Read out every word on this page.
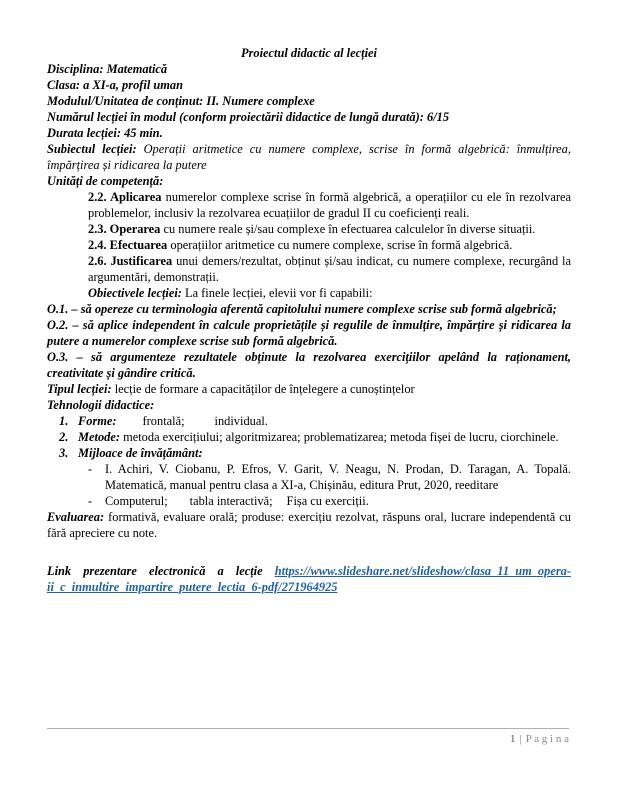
Proiectul didactic al lecției

Disciplina: Matematică

Clasa: a XI-a, profil uman

Modulul/Unitatea de conținut: II. Numere complexe

Numărul lecției în modul (conform proiectării didactice de lungă durată): 6/15

Durata lecției: 45 min.

Subiectul lecției: Operații aritmetice cu numere complexe, scrise în formă algebrică: înmulțirea, împărțirea și ridicarea la putere

Unități de competență:

2.2. Aplicarea numerelor complexe scrise în formă algebrică, a operațiilor cu ele în rezolvarea problemelor, inclusiv la rezolvarea ecuațiilor de gradul II cu coeficienți reali.

2.3. Operarea cu numere reale și/sau complexe în efectuarea calculelor în diverse situații.

2.4. Efectuarea operațiilor aritmetice cu numere complexe, scrise în formă algebrică.

2.6. Justificarea unui demers/rezultat, obținut și/sau indicat, cu numere complexe, recurgând la argumentări, demonstrații.

Obiectivele lecției: La finele lecției, elevii vor fi capabili:

O.1. – să opereze cu terminologia aferentă capitolului numere complexe scrise sub formă algebrică;

O.2. – să aplice independent în calcule proprietățile și regulile de înmulțire, împărțire și ridicarea la putere a numerelor complexe scrise sub formă algebrică.

O.3. – să argumenteze rezultatele obținute la rezolvarea exercițiilor apelând la raționament, creativitate și gândire critică.

Tipul lecției: lecție de formare a capacităților de înțelegere a cunoștințelor

Tehnologii didactice:

1. Forme: frontală; individual.

2. Metode: metoda exercițiului; algoritmizarea; problematizarea; metoda fișei de lucru, ciorchinele.

3. Mijloace de învățământ:

-	I. Achiri, V. Ciobanu, P. Efros, V. Garit, V. Neagu, N. Prodan, D. Taragan, A. Topală. Matematică, manual pentru clasa a XI-a, Chișinău, editura Prut, 2020, reeditare
-	Computerul; tabla interactivă; Fișa cu exerciții.

Evaluarea: formativă, evaluare orală; produse: exercițiu rezolvat, răspuns oral, lucrare independentă cu fără apreciere cu note.

Link prezentare electronică a lecție https://www.slideshare.net/slideshow/clasa_11_um_opera-
ii_c_inmultire_impartire_putere_lectia_6-pdf/271964925
1 | P a g i n a
